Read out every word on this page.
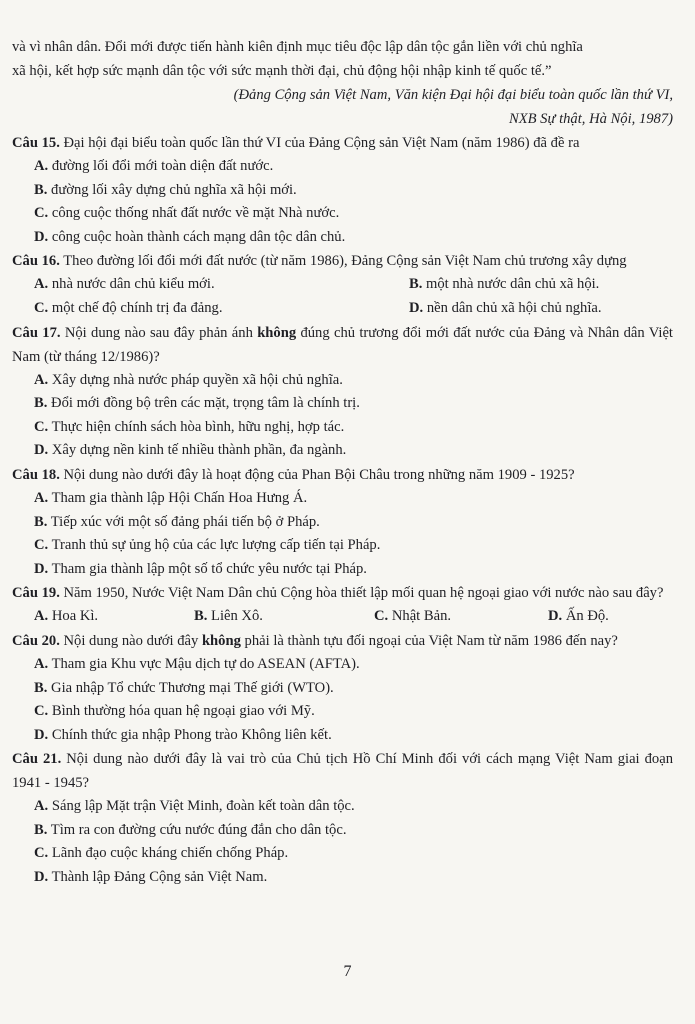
và vì nhân dân. Đổi mới được tiến hành kiên định mục tiêu độc lập dân tộc gắn liền với chủ nghĩa

xã hội, kết hợp sức mạnh dân tộc với sức mạnh thời đại, chủ động hội nhập kinh tế quốc tế.”

(Đảng Cộng sản Việt Nam, Văn kiện Đại hội đại biểu toàn quốc lần thứ VI,

NXB Sự thật, Hà Nội, 1987)

Câu 15. Đại hội đại biểu toàn quốc lần thứ VI của Đảng Cộng sản Việt Nam (năm 1986) đã đề ra

A. đường lối đổi mới toàn diện đất nước.

B. đường lối xây dựng chủ nghĩa xã hội mới.

C. công cuộc thống nhất đất nước về mặt Nhà nước.

D. công cuộc hoàn thành cách mạng dân tộc dân chủ.

Câu 16. Theo đường lối đổi mới đất nước (từ năm 1986), Đảng Cộng sản Việt Nam chủ trương xây dựng

A. nhà nước dân chủ kiểu mới.	B. một nhà nước dân chủ xã hội.
C. một chế độ chính trị đa đảng.	D. nền dân chủ xã hội chủ nghĩa.

Câu 17. Nội dung nào sau đây phản ánh không đúng chủ trương đổi mới đất nước của Đảng và Nhân dân Việt Nam (từ tháng 12/1986)?

A. Xây dựng nhà nước pháp quyền xã hội chủ nghĩa.

B. Đổi mới đồng bộ trên các mặt, trọng tâm là chính trị.

C. Thực hiện chính sách hòa bình, hữu nghị, hợp tác.

D. Xây dựng nền kinh tế nhiều thành phần, đa ngành.

Câu 18. Nội dung nào dưới đây là hoạt động của Phan Bội Châu trong những năm 1909 - 1925?

A. Tham gia thành lập Hội Chấn Hoa Hưng Á.

B. Tiếp xúc với một số đảng phái tiến bộ ở Pháp.

C. Tranh thủ sự ủng hộ của các lực lượng cấp tiến tại Pháp.

D. Tham gia thành lập một số tổ chức yêu nước tại Pháp.

Câu 19. Năm 1950, Nước Việt Nam Dân chủ Cộng hòa thiết lập mối quan hệ ngoại giao với nước nào sau đây?

A. Hoa Kì.	B. Liên Xô.	C. Nhật Bản.	D. Ấn Độ.

Câu 20. Nội dung nào dưới đây không phải là thành tựu đối ngoại của Việt Nam từ năm 1986 đến nay?

A. Tham gia Khu vực Mậu dịch tự do ASEAN (AFTA).

B. Gia nhập Tổ chức Thương mại Thế giới (WTO).

C. Bình thường hóa quan hệ ngoại giao với Mỹ.

D. Chính thức gia nhập Phong trào Không liên kết.

Câu 21. Nội dung nào dưới đây là vai trò của Chủ tịch Hồ Chí Minh đối với cách mạng Việt Nam giai đoạn 1941 - 1945?

A. Sáng lập Mặt trận Việt Minh, đoàn kết toàn dân tộc.

B. Tìm ra con đường cứu nước đúng đắn cho dân tộc.

C. Lãnh đạo cuộc kháng chiến chống Pháp.

D. Thành lập Đảng Cộng sản Việt Nam.

7
